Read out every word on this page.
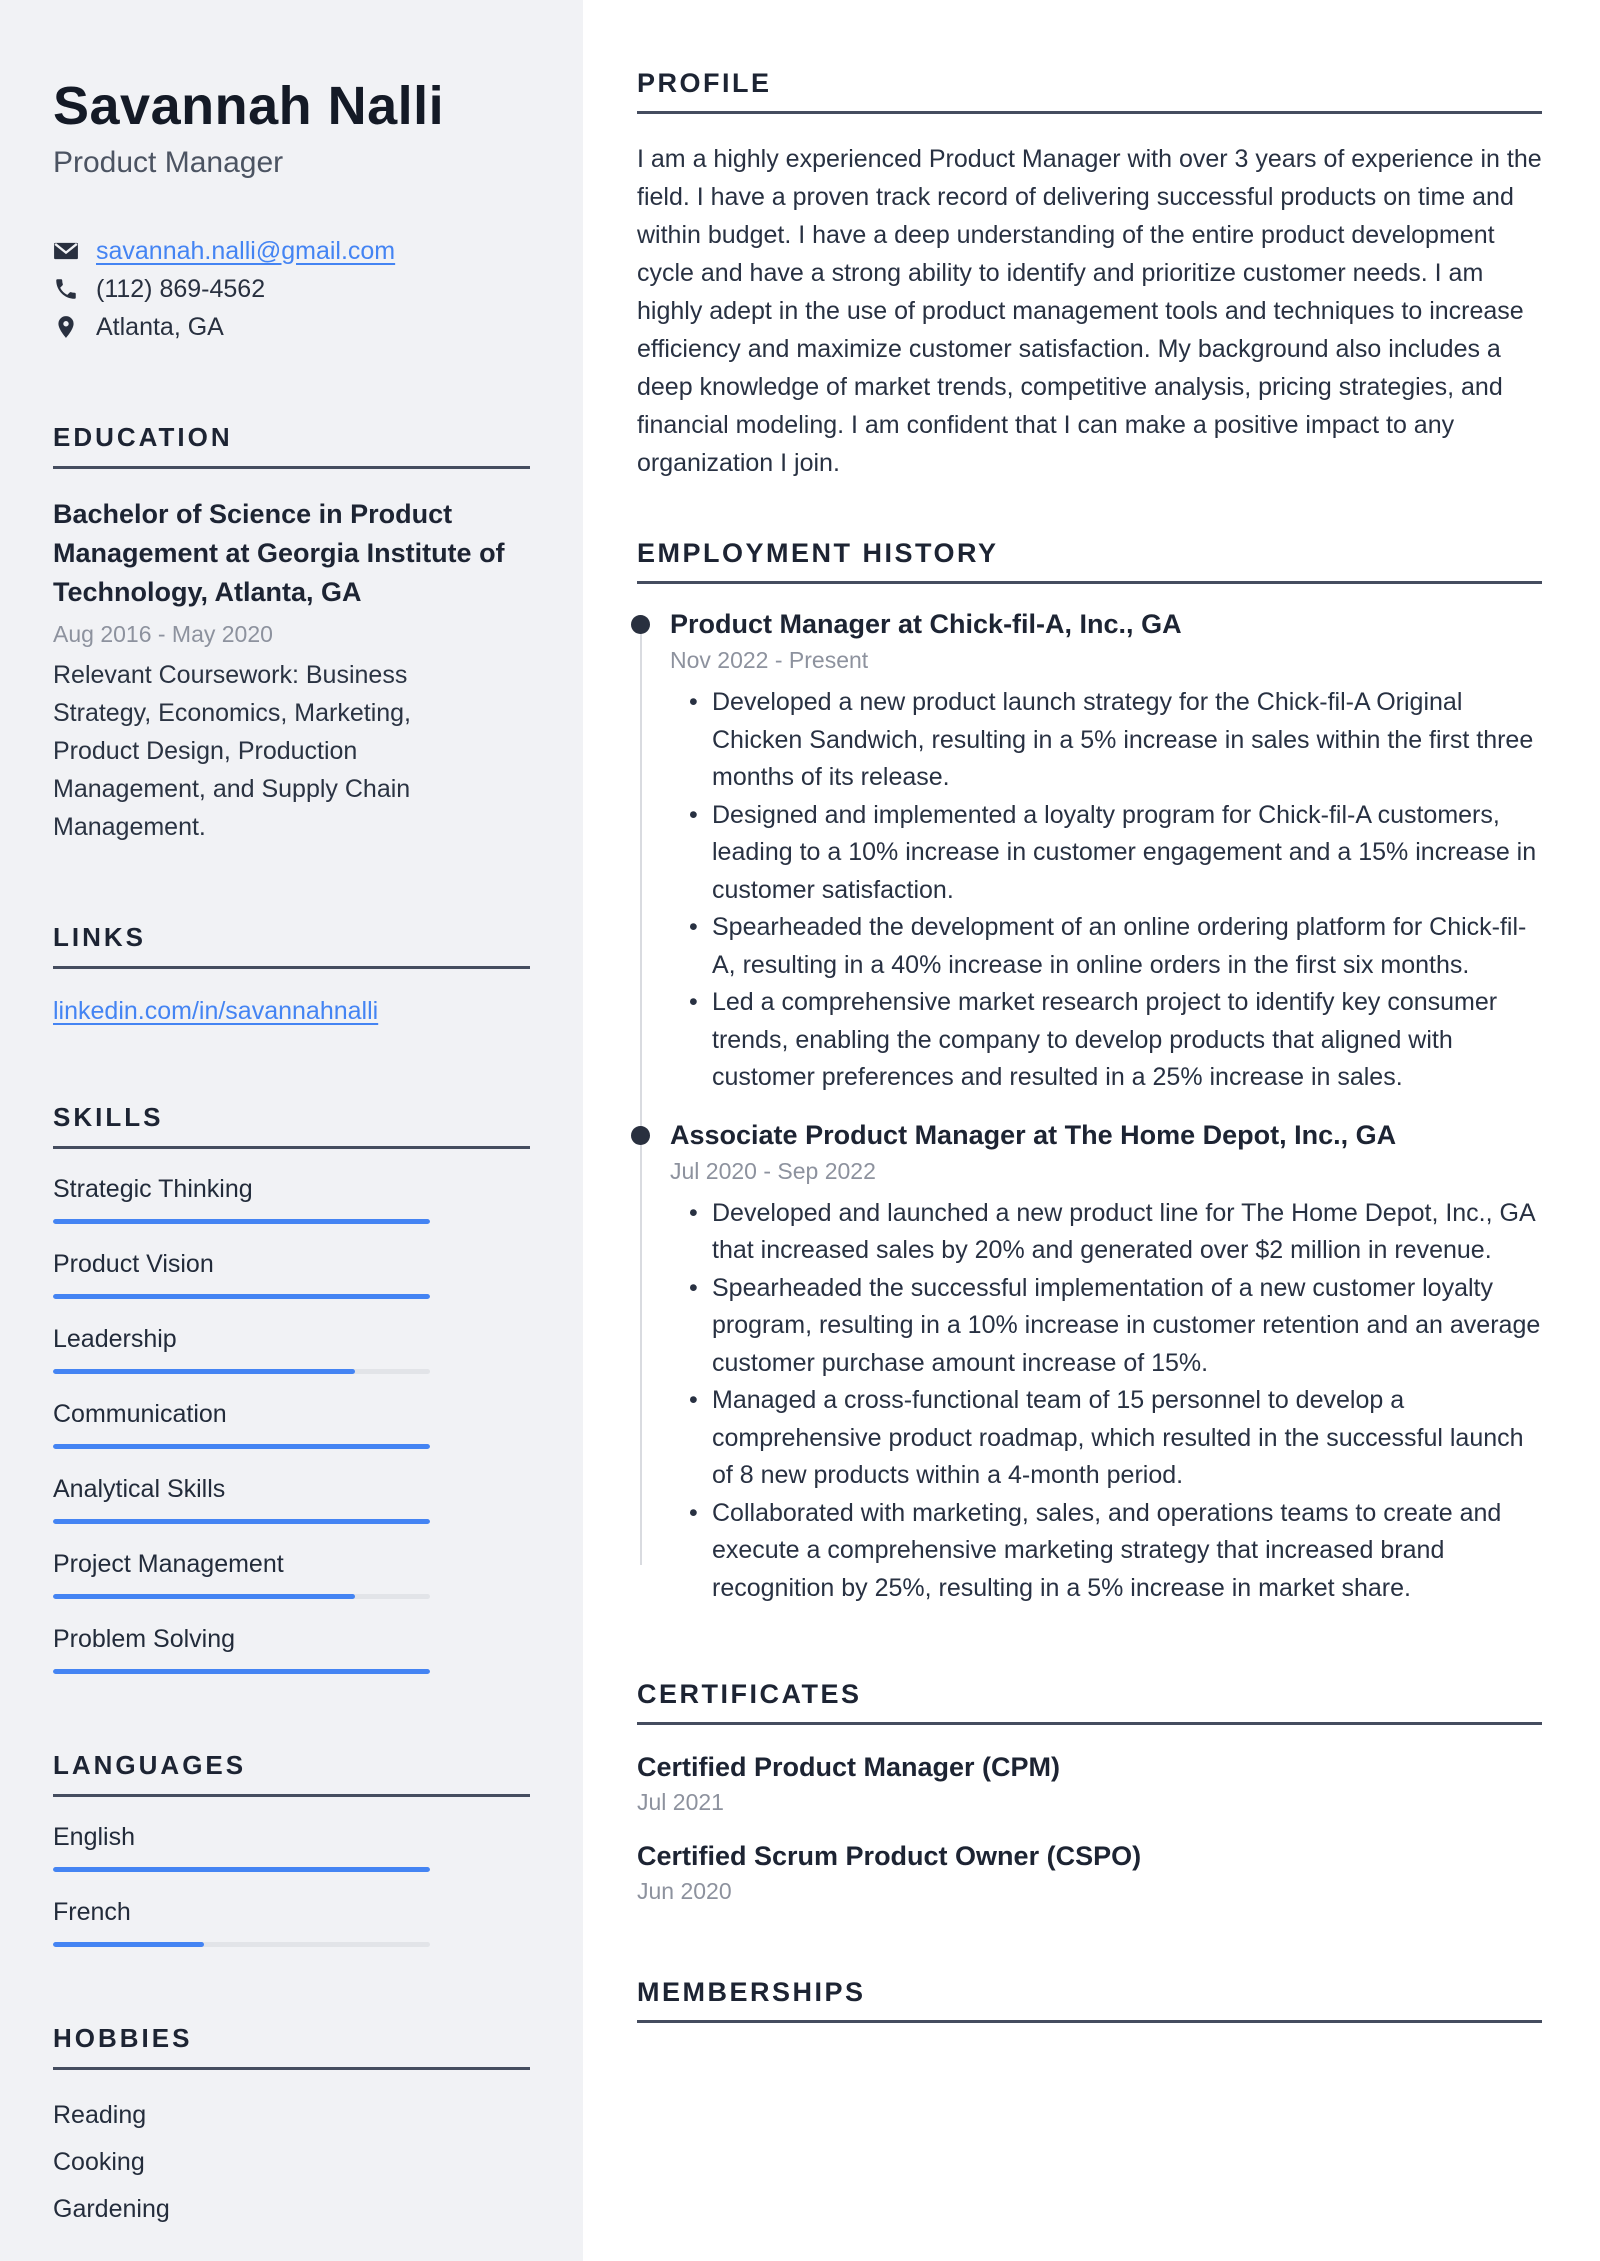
Savannah Nalli
Product Manager
savannah.nalli@gmail.com
(112) 869-4562
Atlanta, GA
EDUCATION
Bachelor of Science in Product Management at Georgia Institute of Technology, Atlanta, GA
Aug 2016 - May 2020
Relevant Coursework: Business Strategy, Economics, Marketing, Product Design, Production Management, and Supply Chain Management.
LINKS
linkedin.com/in/savannahnalli
SKILLS
Strategic Thinking
Product Vision
Leadership
Communication
Analytical Skills
Project Management
Problem Solving
LANGUAGES
English
French
HOBBIES
Reading
Cooking
Gardening
PROFILE

I am a highly experienced Product Manager with over 3 years of experience in the field. I have a proven track record of delivering successful products on time and within budget. I have a deep understanding of the entire product development cycle and have a strong ability to identify and prioritize customer needs. I am highly adept in the use of product management tools and techniques to increase efficiency and maximize customer satisfaction. My background also includes a deep knowledge of market trends, competitive analysis, pricing strategies, and financial modeling. I am confident that I can make a positive impact to any organization I join.

EMPLOYMENT HISTORY
Product Manager at Chick-fil-A, Inc., GA
Nov 2022 - Present
• Developed a new product launch strategy for the Chick-fil-A Original Chicken Sandwich, resulting in a 5% increase in sales within the first three months of its release.
• Designed and implemented a loyalty program for Chick-fil-A customers, leading to a 10% increase in customer engagement and a 15% increase in customer satisfaction.
• Spearheaded the development of an online ordering platform for Chick-fil-A, resulting in a 40% increase in online orders in the first six months.
• Led a comprehensive market research project to identify key consumer trends, enabling the company to develop products that aligned with customer preferences and resulted in a 25% increase in sales.
Associate Product Manager at The Home Depot, Inc., GA
Jul 2020 - Sep 2022
• Developed and launched a new product line for The Home Depot, Inc., GA that increased sales by 20% and generated over $2 million in revenue.
• Spearheaded the successful implementation of a new customer loyalty program, resulting in a 10% increase in customer retention and an average customer purchase amount increase of 15%.
• Managed a cross-functional team of 15 personnel to develop a comprehensive product roadmap, which resulted in the successful launch of 8 new products within a 4-month period.
• Collaborated with marketing, sales, and operations teams to create and execute a comprehensive marketing strategy that increased brand recognition by 25%, resulting in a 5% increase in market share.
CERTIFICATES
Certified Product Manager (CPM)
Jul 2021
Certified Scrum Product Owner (CSPO)
Jun 2020
MEMBERSHIPS
